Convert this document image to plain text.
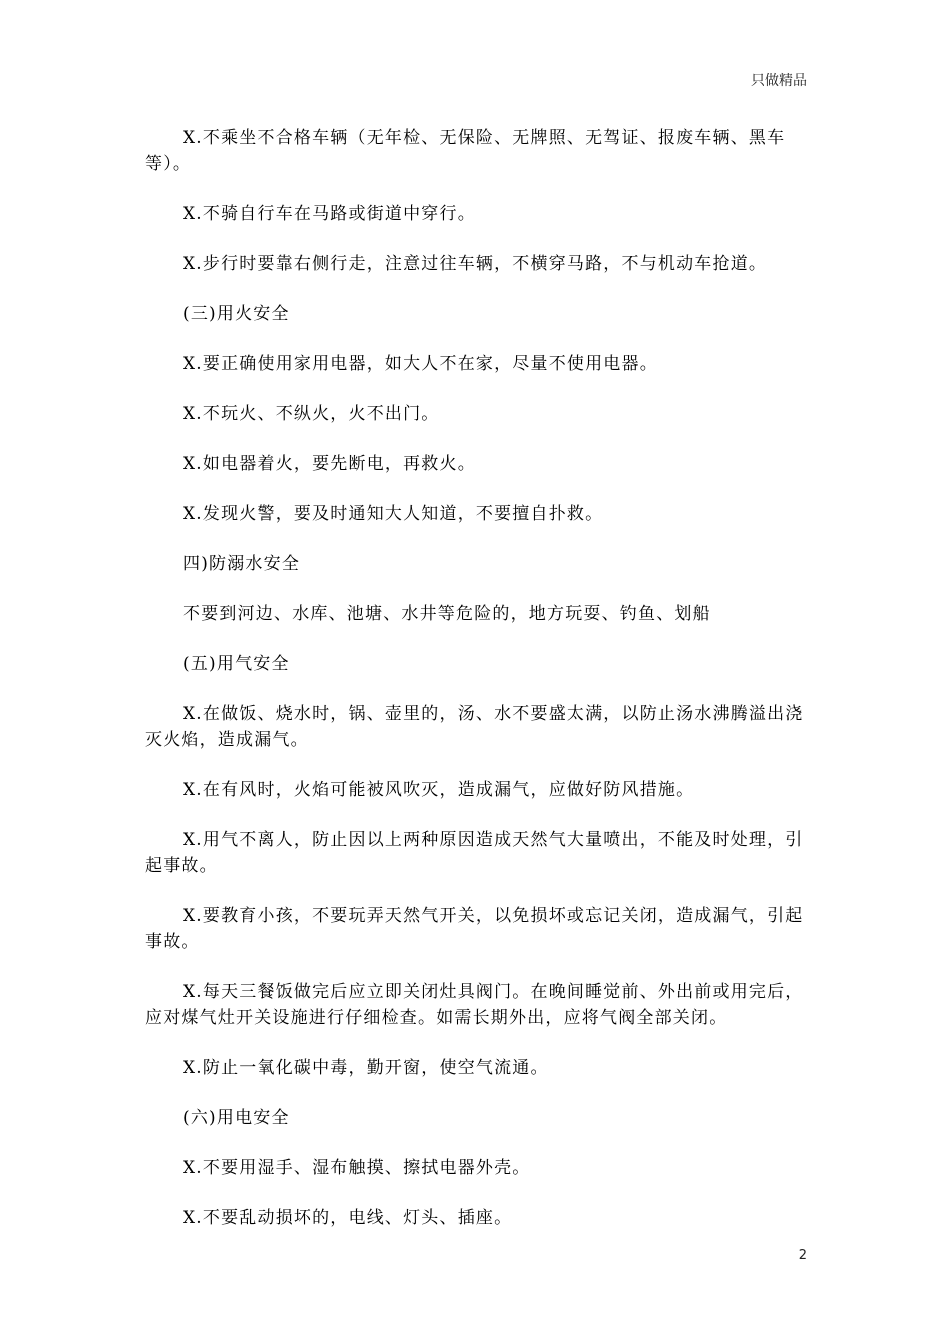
只做精品

X.不乘坐不合格车辆（无年检、无保险、无牌照、无驾证、报废车辆、黑车等）。

X.不骑自行车在马路或街道中穿行。

X.步行时要靠右侧行走，注意过往车辆，不横穿马路，不与机动车抢道。

(三)用火安全

X.要正确使用家用电器，如大人不在家，尽量不使用电器。

X.不玩火、不纵火，火不出门。

X.如电器着火，要先断电，再救火。

X.发现火警，要及时通知大人知道，不要擅自扑救。

四)防溺水安全

不要到河边、水库、池塘、水井等危险的，地方玩耍、钓鱼、划船

(五)用气安全

X.在做饭、烧水时，锅、壶里的，汤、水不要盛太满，以防止汤水沸腾溢出浇灭火焰，造成漏气。

X.在有风时，火焰可能被风吹灭，造成漏气，应做好防风措施。

X.用气不离人，防止因以上两种原因造成天然气大量喷出，不能及时处理，引起事故。

X.要教育小孩，不要玩弄天然气开关，以免损坏或忘记关闭，造成漏气，引起事故。

X.每天三餐饭做完后应立即关闭灶具阀门。在晚间睡觉前、外出前或用完后，应对煤气灶开关设施进行仔细检查。如需长期外出，应将气阀全部关闭。

X.防止一氧化碳中毒，勤开窗，使空气流通。

(六)用电安全

X.不要用湿手、湿布触摸、擦拭电器外壳。

X.不要乱动损坏的，电线、灯头、插座。

2
